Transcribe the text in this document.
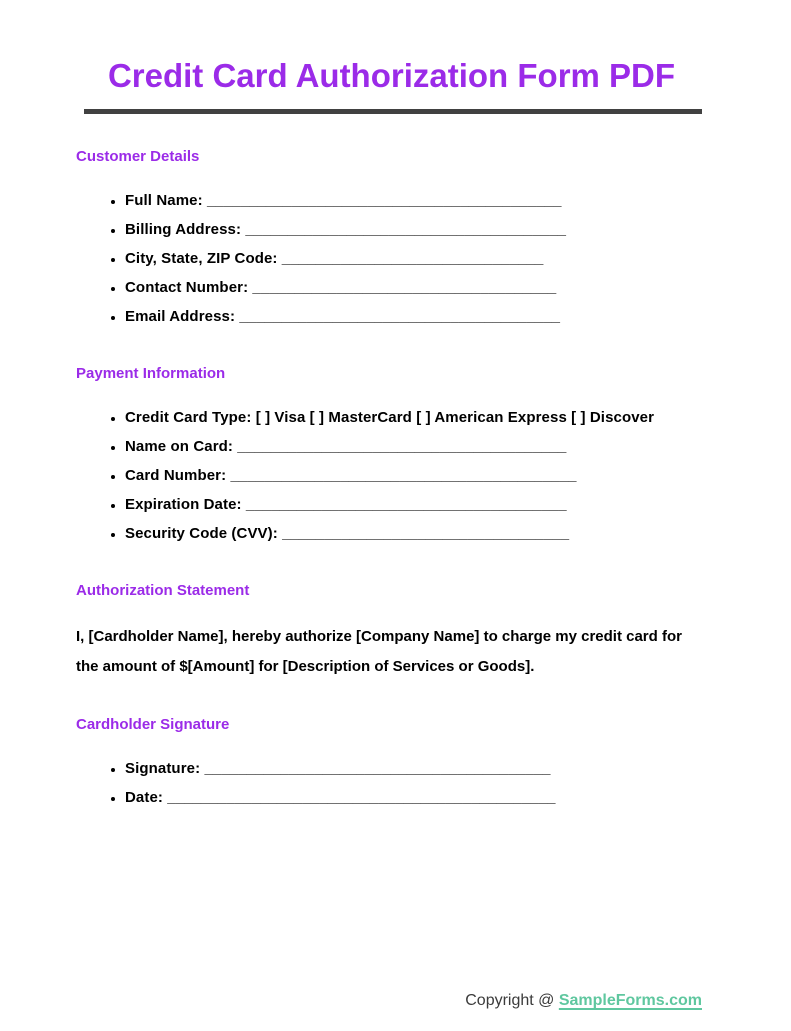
Credit Card Authorization Form PDF
Customer Details
• Full Name: __________________________________________
• Billing Address: ______________________________________
• City, State, ZIP Code: _______________________________
• Contact Number: ____________________________________
• Email Address: ______________________________________
Payment Information
• Credit Card Type: [ ] Visa [ ] MasterCard [ ] American Express [ ] Discover
• Name on Card: _______________________________________
• Card Number: _________________________________________
• Expiration Date: ______________________________________
• Security Code (CVV): __________________________________
Authorization Statement

I, [Cardholder Name], hereby authorize [Company Name] to charge my credit card for the amount of $[Amount] for [Description of Services or Goods].

Cardholder Signature
• Signature: _________________________________________
• Date: ______________________________________________
Copyright @ SampleForms.com
